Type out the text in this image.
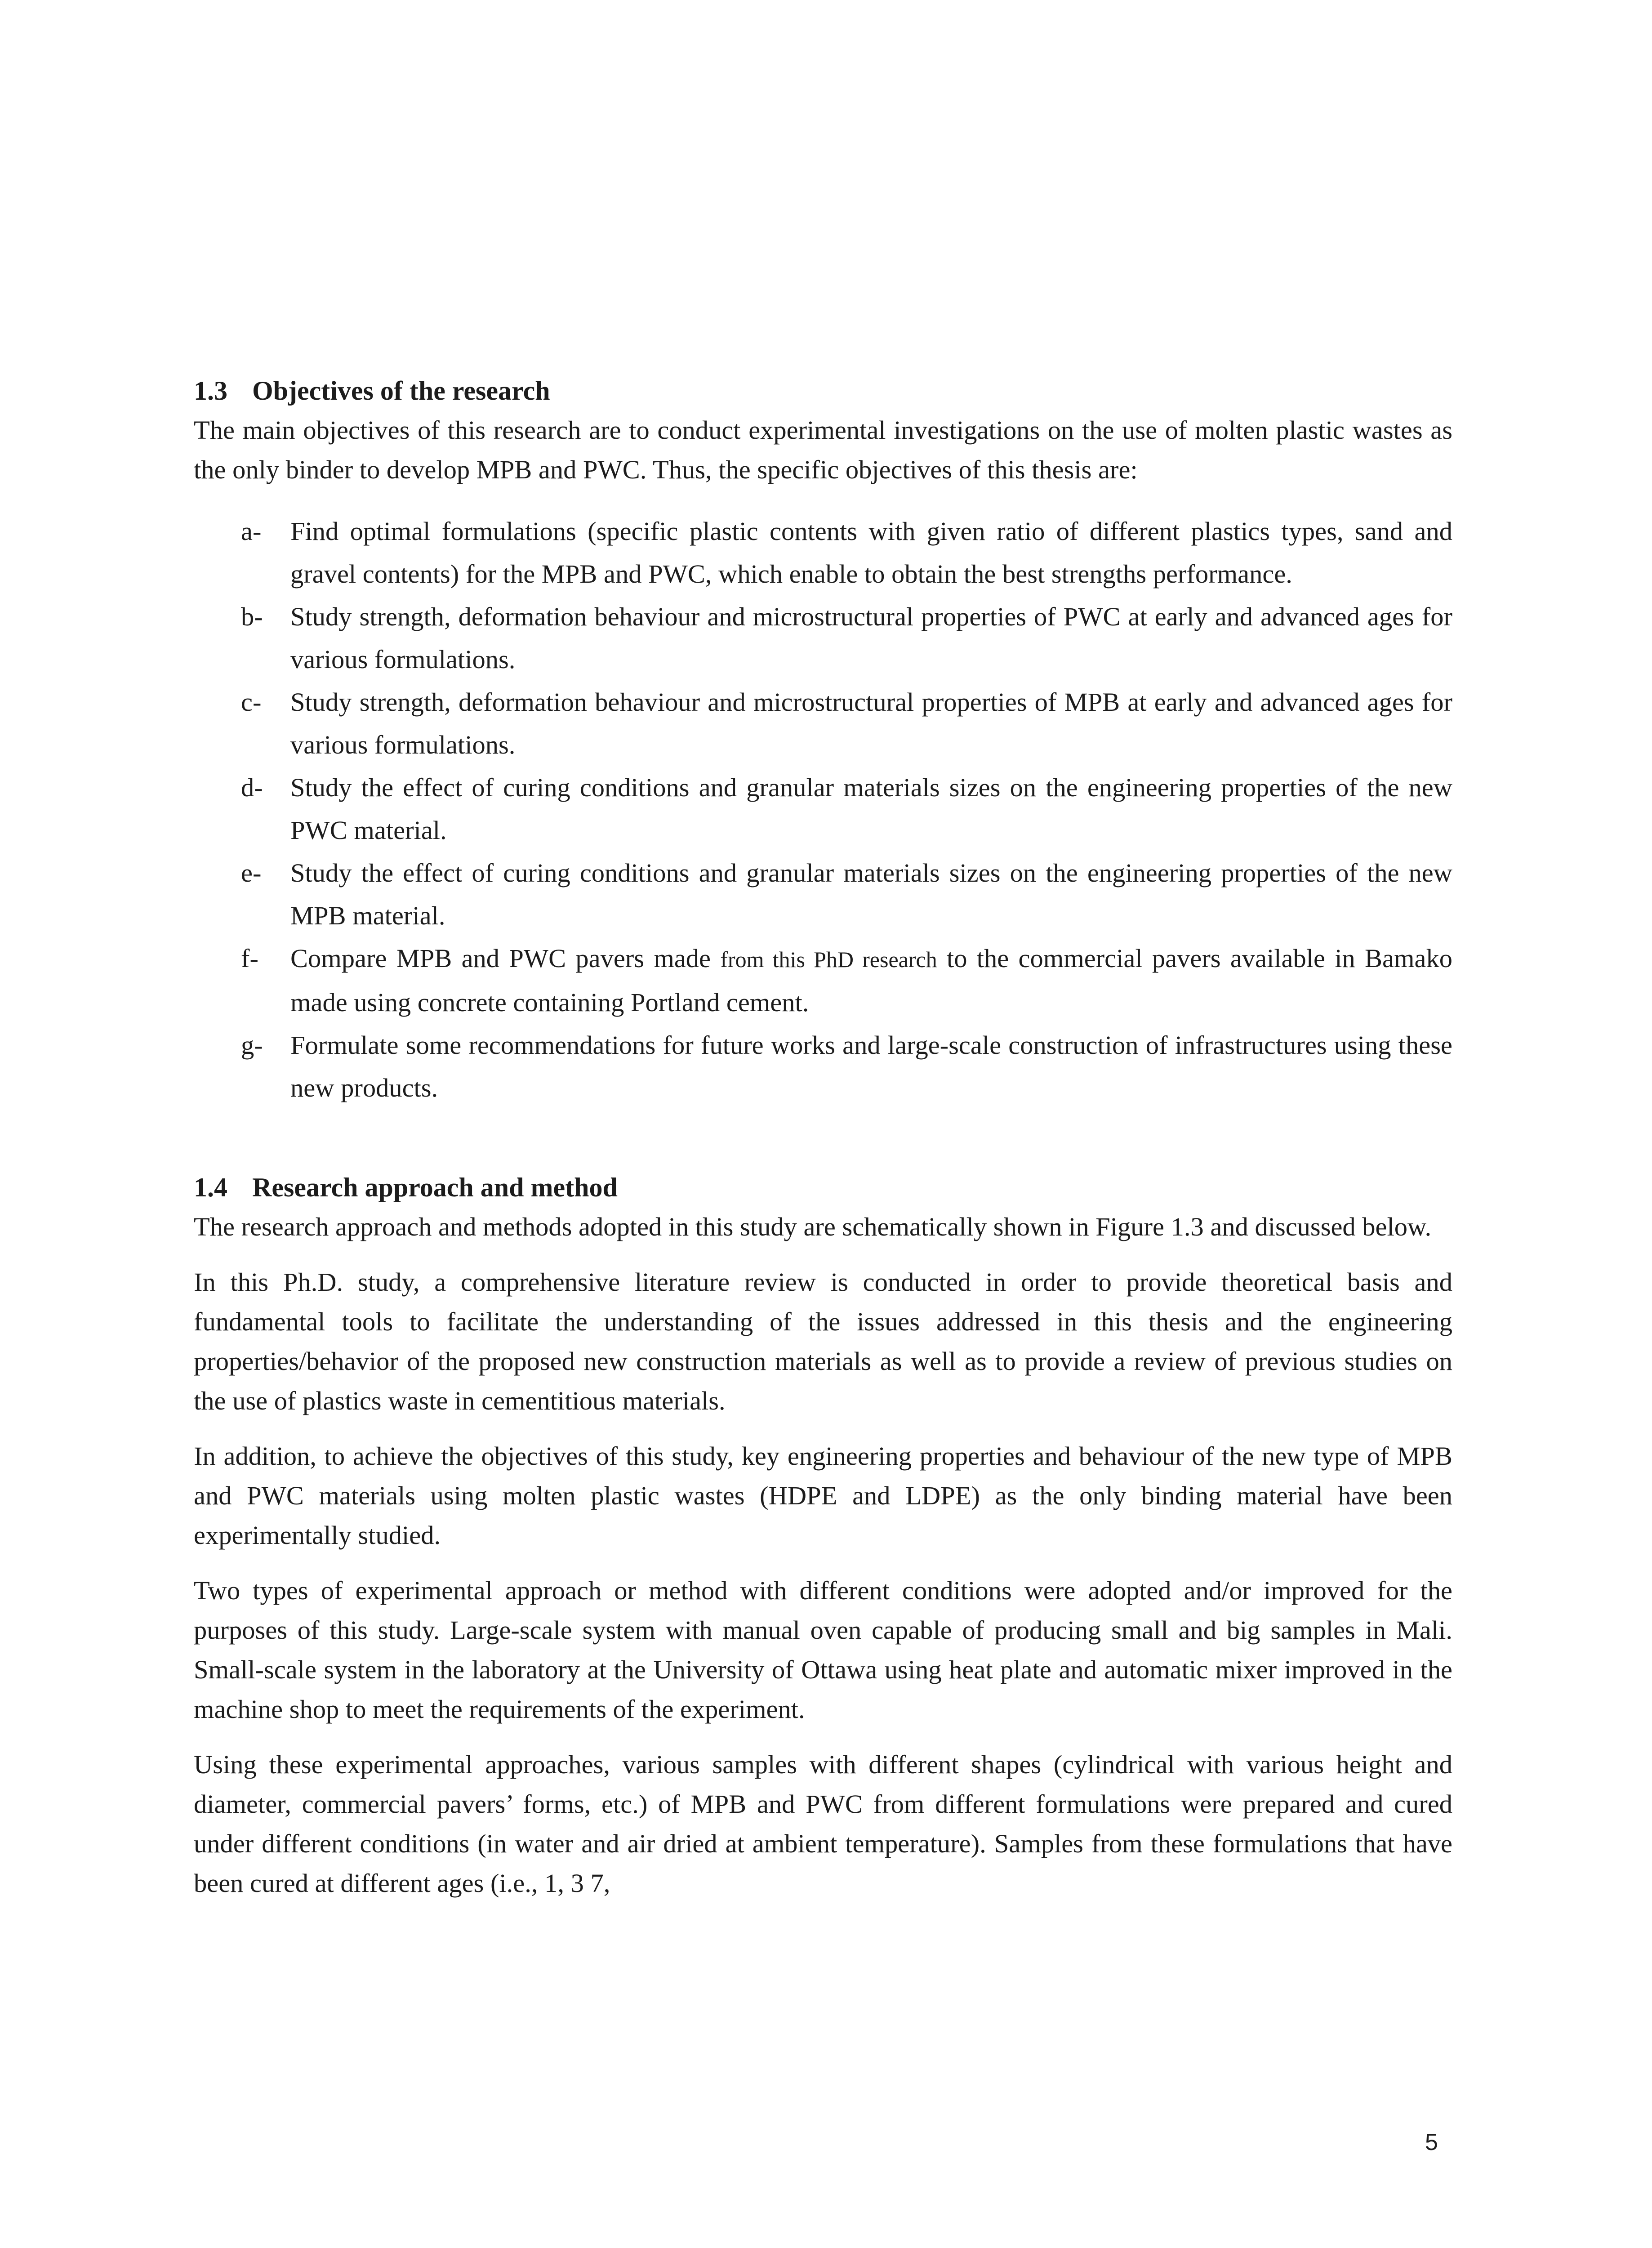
1.3 Objectives of the research

The main objectives of this research are to conduct experimental investigations on the use of molten plastic wastes as the only binder to develop MPB and PWC. Thus, the specific objectives of this thesis are:

a- Find optimal formulations (specific plastic contents with given ratio of different plastics types, sand and gravel contents) for the MPB and PWC, which enable to obtain the best strengths performance.
b- Study strength, deformation behaviour and microstructural properties of PWC at early and advanced ages for various formulations.
c- Study strength, deformation behaviour and microstructural properties of MPB at early and advanced ages for various formulations.
d- Study the effect of curing conditions and granular materials sizes on the engineering properties of the new PWC material.
e- Study the effect of curing conditions and granular materials sizes on the engineering properties of the new MPB material.
f- Compare MPB and PWC pavers made from this PhD research to the commercial pavers available in Bamako made using concrete containing Portland cement.
g- Formulate some recommendations for future works and large-scale construction of infrastructures using these new products.
1.4 Research approach and method

The research approach and methods adopted in this study are schematically shown in Figure 1.3 and discussed below.

In this Ph.D. study, a comprehensive literature review is conducted in order to provide theoretical basis and fundamental tools to facilitate the understanding of the issues addressed in this thesis and the engineering properties/behavior of the proposed new construction materials as well as to provide a review of previous studies on the use of plastics waste in cementitious materials.

In addition, to achieve the objectives of this study, key engineering properties and behaviour of the new type of MPB and PWC materials using molten plastic wastes (HDPE and LDPE) as the only binding material have been experimentally studied.

Two types of experimental approach or method with different conditions were adopted and/or improved for the purposes of this study. Large-scale system with manual oven capable of producing small and big samples in Mali. Small-scale system in the laboratory at the University of Ottawa using heat plate and automatic mixer improved in the machine shop to meet the requirements of the experiment.

Using these experimental approaches, various samples with different shapes (cylindrical with various height and diameter, commercial pavers’ forms, etc.) of MPB and PWC from different formulations were prepared and cured under different conditions (in water and air dried at ambient temperature). Samples from these formulations that have been cured at different ages (i.e., 1, 3 7,

5
